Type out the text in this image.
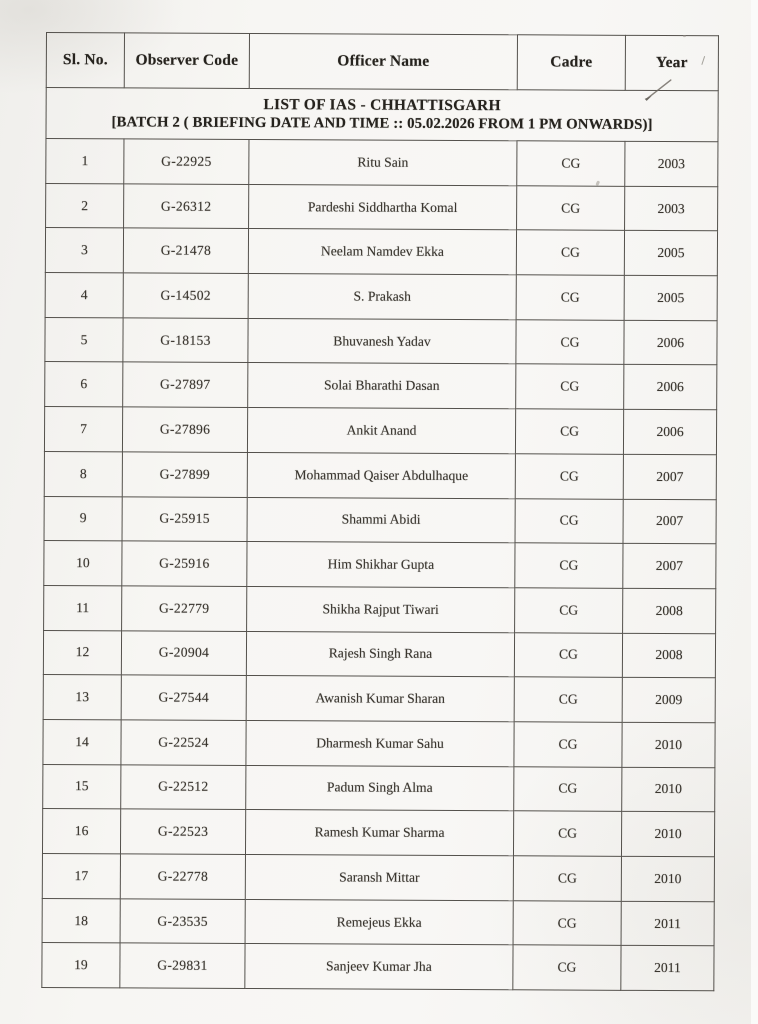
Sl. No.	Observer Code	Officer Name	Cadre	Year

LIST OF IAS - CHHATTISGARH
[BATCH 2 ( BRIEFING DATE AND TIME :: 05.02.2026 FROM 1 PM ONWARDS)]				

1	G-22925	Ritu Sain	CG	2003
2	G-26312	Pardeshi Siddhartha Komal	CG	2003
3	G-21478	Neelam Namdev Ekka	CG	2005
4	G-14502	S. Prakash	CG	2005
5	G-18153	Bhuvanesh Yadav	CG	2006
6	G-27897	Solai Bharathi Dasan	CG	2006
7	G-27896	Ankit Anand	CG	2006
8	G-27899	Mohammad Qaiser Abdulhaque	CG	2007
9	G-25915	Shammi Abidi	CG	2007
10	G-25916	Him Shikhar Gupta	CG	2007
11	G-22779	Shikha Rajput Tiwari	CG	2008
12	G-20904	Rajesh Singh Rana	CG	2008
13	G-27544	Awanish Kumar Sharan	CG	2009
14	G-22524	Dharmesh Kumar Sahu	CG	2010
15	G-22512	Padum Singh Alma	CG	2010
16	G-22523	Ramesh Kumar Sharma	CG	2010
17	G-22778	Saransh Mittar	CG	2010
18	G-23535	Remejeus Ekka	CG	2011
19	G-29831	Sanjeev Kumar Jha	CG	2011
